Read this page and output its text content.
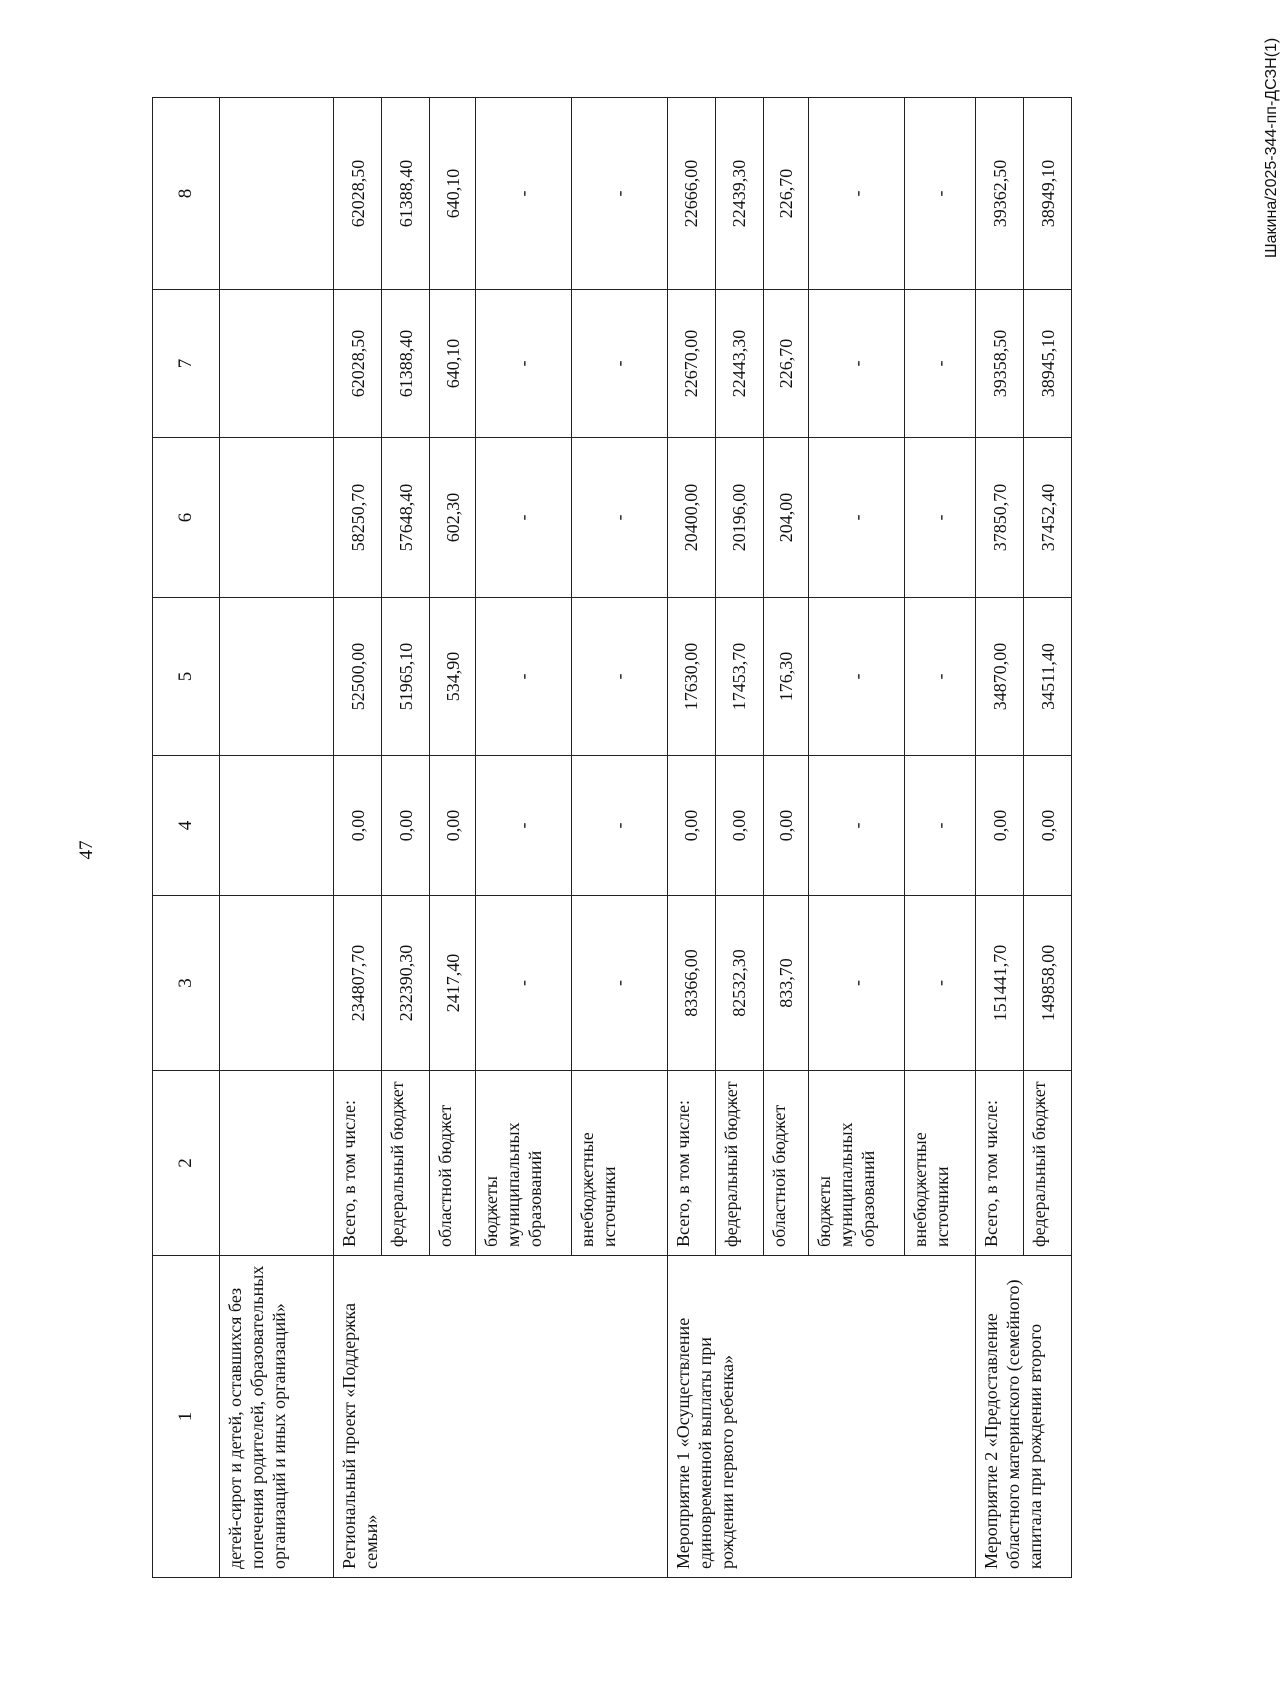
47
Шакина/2025-344-пп-ДСЗН(1)
1	2	3	4	5	6	7	8
детей-сирот и детей, оставшихся без попечения родителей, образовательных организаций и иных организаций»							
Региональный проект «Поддержка семьи»	Всего, в том числе:	234807,70	0,00	52500,00	58250,70	62028,50	62028,50
	федеральный бюджет	232390,30	0,00	51965,10	57648,40	61388,40	61388,40
	областной бюджет	2417,40	0,00	534,90	602,30	640,10	640,10
	бюджеты муниципальных образований	-	-	-	-	-	-
	внебюджетные источники	-	-	-	-	-	-
Мероприятие 1 «Осуществление единовременной выплаты при рождении первого ребенка»	Всего, в том числе:	83366,00	0,00	17630,00	20400,00	22670,00	22666,00
	федеральный бюджет	82532,30	0,00	17453,70	20196,00	22443,30	22439,30
	областной бюджет	833,70	0,00	176,30	204,00	226,70	226,70
	бюджеты муниципальных образований	-	-	-	-	-	-
	внебюджетные источники	-	-	-	-	-	-
Мероприятие 2 «Предоставление областного материнского (семейного) капитала при рождении второго	Всего, в том числе:	151441,70	0,00	34870,00	37850,70	39358,50	39362,50
	федеральный бюджет	149858,00	0,00	34511,40	37452,40	38945,10	38949,10
